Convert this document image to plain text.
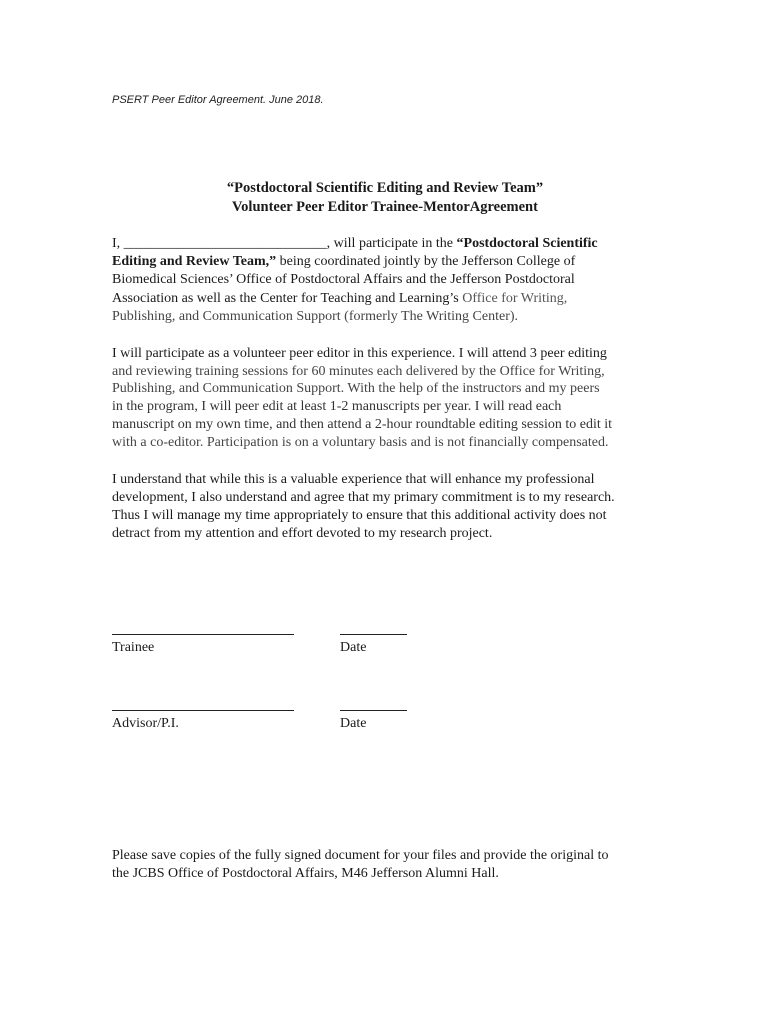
PSERT Peer Editor Agreement. June 2018.
“Postdoctoral Scientific Editing and Review Team”
Volunteer Peer Editor Trainee-MentorAgreement
I, _____________________________, will participate in the “Postdoctoral Scientific
Editing and Review Team,” being coordinated jointly by the Jefferson College of
Biomedical Sciences’ Office of Postdoctoral Affairs and the Jefferson Postdoctoral
Association as well as the Center for Teaching and Learning’s Office for Writing,
Publishing, and Communication Support (formerly The Writing Center).
I will participate as a volunteer peer editor in this experience. I will attend 3 peer editing
and reviewing training sessions for 60 minutes each delivered by the Office for Writing,
Publishing, and Communication Support. With the help of the instructors and my peers
in the program, I will peer edit at least 1-2 manuscripts per year. I will read each
manuscript on my own time, and then attend a 2-hour roundtable editing session to edit it
with a co-editor. Participation is on a voluntary basis and is not financially compensated.
I understand that while this is a valuable experience that will enhance my professional
development, I also understand and agree that my primary commitment is to my research.
Thus I will manage my time appropriately to ensure that this additional activity does not
detract from my attention and effort devoted to my research project.
Trainee	Date
Advisor/P.I.	Date
Please save copies of the fully signed document for your files and provide the original to
the JCBS Office of Postdoctoral Affairs, M46 Jefferson Alumni Hall.
